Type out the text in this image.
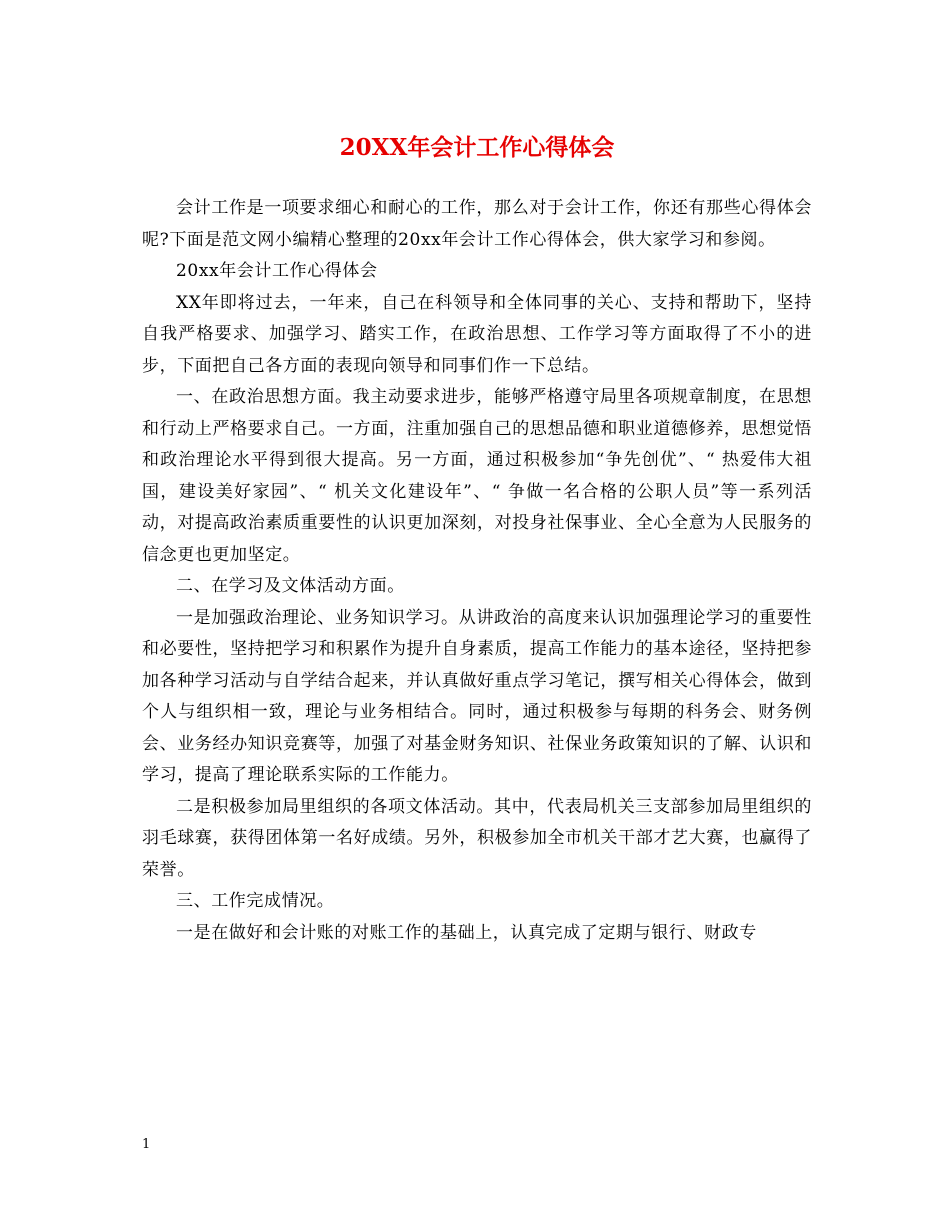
20XX年会计工作心得体会

会计工作是一项要求细心和耐心的工作，那么对于会计工作，你还有那些心得体会呢?下面是范文网小编精心整理的20xx年会计工作心得体会，供大家学习和参阅。

20xx年会计工作心得体会

XX年即将过去，一年来，自己在科领导和全体同事的关心、支持和帮助下，坚持自我严格要求、加强学习、踏实工作，在政治思想、工作学习等方面取得了不小的进步，下面把自己各方面的表现向领导和同事们作一下总结。

一、在政治思想方面。我主动要求进步，能够严格遵守局里各项规章制度，在思想和行动上严格要求自己。一方面，注重加强自己的思想品德和职业道德修养，思想觉悟和政治理论水平得到很大提高。另一方面，通过积极参加“争先创优”、“ 热爱伟大祖国，建设美好家园”、“ 机关文化建设年”、“ 争做一名合格的公职人员”等一系列活动，对提高政治素质重要性的认识更加深刻，对投身社保事业、全心全意为人民服务的信念更也更加坚定。

二、在学习及文体活动方面。

一是加强政治理论、业务知识学习。从讲政治的高度来认识加强理论学习的重要性和必要性，坚持把学习和积累作为提升自身素质，提高工作能力的基本途径，坚持把参加各种学习活动与自学结合起来，并认真做好重点学习笔记，撰写相关心得体会，做到个人与组织相一致，理论与业务相结合。同时，通过积极参与每期的科务会、财务例会、业务经办知识竞赛等，加强了对基金财务知识、社保业务政策知识的了解、认识和学习，提高了理论联系实际的工作能力。

二是积极参加局里组织的各项文体活动。其中，代表局机关三支部参加局里组织的羽毛球赛，获得团体第一名好成绩。另外，积极参加全市机关干部才艺大赛，也赢得了荣誉。

三、工作完成情况。

一是在做好和会计账的对账工作的基础上，认真完成了定期与银行、财政专

1
